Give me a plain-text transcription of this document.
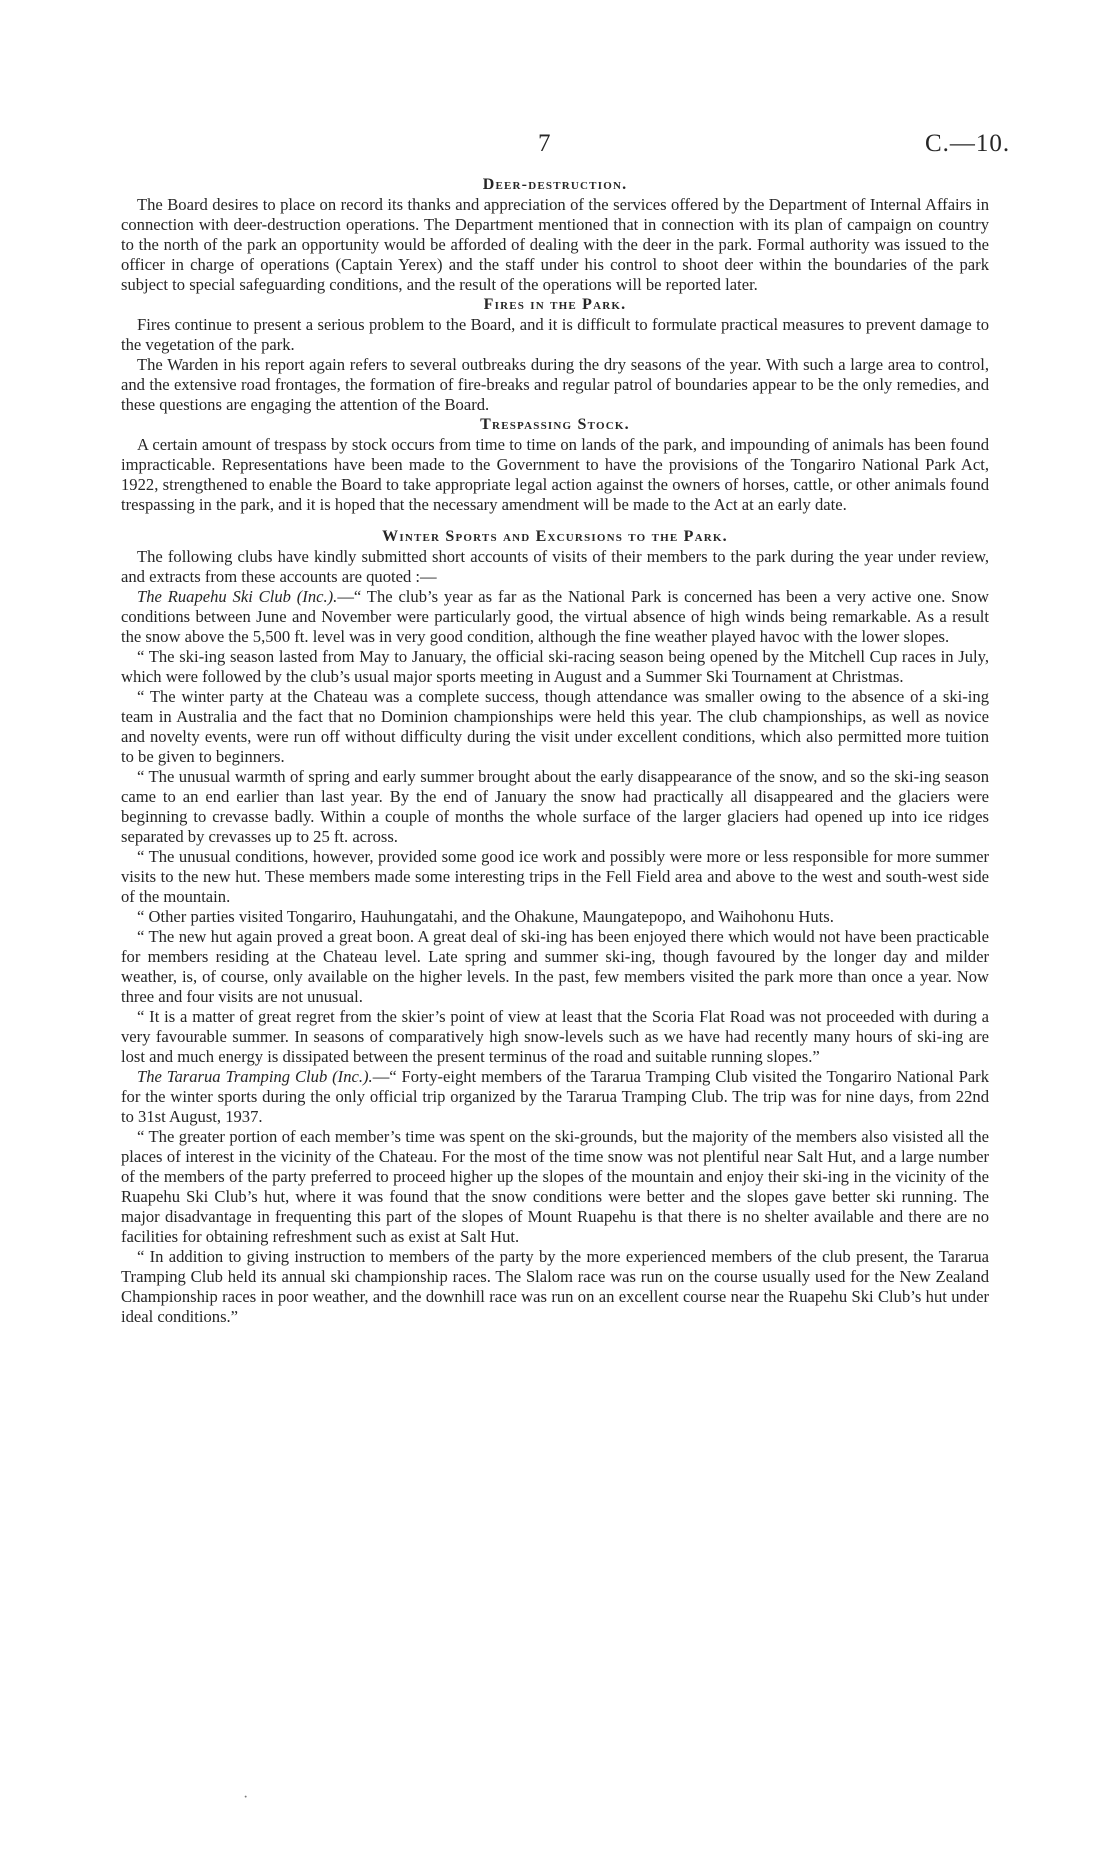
7	C.—10.
Deer-destruction.

The Board desires to place on record its thanks and appreciation of the services offered by the Department of Internal Affairs in connection with deer-destruction operations. The Department mentioned that in connection with its plan of campaign on country to the north of the park an opportunity would be afforded of dealing with the deer in the park. Formal authority was issued to the officer in charge of operations (Captain Yerex) and the staff under his control to shoot deer within the boundaries of the park subject to special safeguarding conditions, and the result of the operations will be reported later.

Fires in the Park.

Fires continue to present a serious problem to the Board, and it is difficult to formulate practical measures to prevent damage to the vegetation of the park.

The Warden in his report again refers to several outbreaks during the dry seasons of the year. With such a large area to control, and the extensive road frontages, the formation of fire-breaks and regular patrol of boundaries appear to be the only remedies, and these questions are engaging the attention of the Board.

Trespassing Stock.

A certain amount of trespass by stock occurs from time to time on lands of the park, and impounding of animals has been found impracticable. Representations have been made to the Government to have the provisions of the Tongariro National Park Act, 1922, strengthened to enable the Board to take appropriate legal action against the owners of horses, cattle, or other animals found trespassing in the park, and it is hoped that the necessary amendment will be made to the Act at an early date.

Winter Sports and Excursions to the Park.

The following clubs have kindly submitted short accounts of visits of their members to the park during the year under review, and extracts from these accounts are quoted :—

The Ruapehu Ski Club (Inc.).—“ The club’s year as far as the National Park is concerned has been a very active one. Snow conditions between June and November were particularly good, the virtual absence of high winds being remarkable. As a result the snow above the 5,500 ft. level was in very good condition, although the fine weather played havoc with the lower slopes.

“ The ski-ing season lasted from May to January, the official ski-racing season being opened by the Mitchell Cup races in July, which were followed by the club’s usual major sports meeting in August and a Summer Ski Tournament at Christmas.

“ The winter party at the Chateau was a complete success, though attendance was smaller owing to the absence of a ski-ing team in Australia and the fact that no Dominion championships were held this year. The club championships, as well as novice and novelty events, were run off without difficulty during the visit under excellent conditions, which also permitted more tuition to be given to beginners.

“ The unusual warmth of spring and early summer brought about the early disappearance of the snow, and so the ski-ing season came to an end earlier than last year. By the end of January the snow had practically all disappeared and the glaciers were beginning to crevasse badly. Within a couple of months the whole surface of the larger glaciers had opened up into ice ridges separated by crevasses up to 25 ft. across.

“ The unusual conditions, however, provided some good ice work and possibly were more or less responsible for more summer visits to the new hut. These members made some interesting trips in the Fell Field area and above to the west and south-west side of the mountain.

“ Other parties visited Tongariro, Hauhungatahi, and the Ohakune, Maungatepopo, and Waihohonu Huts.

“ The new hut again proved a great boon. A great deal of ski-ing has been enjoyed there which would not have been practicable for members residing at the Chateau level. Late spring and summer ski-ing, though favoured by the longer day and milder weather, is, of course, only available on the higher levels. In the past, few members visited the park more than once a year. Now three and four visits are not unusual.

“ It is a matter of great regret from the skier’s point of view at least that the Scoria Flat Road was not proceeded with during a very favourable summer. In seasons of comparatively high snow-levels such as we have had recently many hours of ski-ing are lost and much energy is dissipated between the present terminus of the road and suitable running slopes.”

The Tararua Tramping Club (Inc.).—“ Forty-eight members of the Tararua Tramping Club visited the Tongariro National Park for the winter sports during the only official trip organized by the Tararua Tramping Club. The trip was for nine days, from 22nd to 31st August, 1937.

“ The greater portion of each member’s time was spent on the ski-grounds, but the majority of the members also visisted all the places of interest in the vicinity of the Chateau. For the most of the time snow was not plentiful near Salt Hut, and a large number of the members of the party preferred to proceed higher up the slopes of the mountain and enjoy their ski-ing in the vicinity of the Ruapehu Ski Club’s hut, where it was found that the snow conditions were better and the slopes gave better ski running. The major disadvantage in frequenting this part of the slopes of Mount Ruapehu is that there is no shelter available and there are no facilities for obtaining refreshment such as exist at Salt Hut.

“ In addition to giving instruction to members of the party by the more experienced members of the club present, the Tararua Tramping Club held its annual ski championship races. The Slalom race was run on the course usually used for the New Zealand Championship races in poor weather, and the downhill race was run on an excellent course near the Ruapehu Ski Club’s hut under ideal conditions.”

·
